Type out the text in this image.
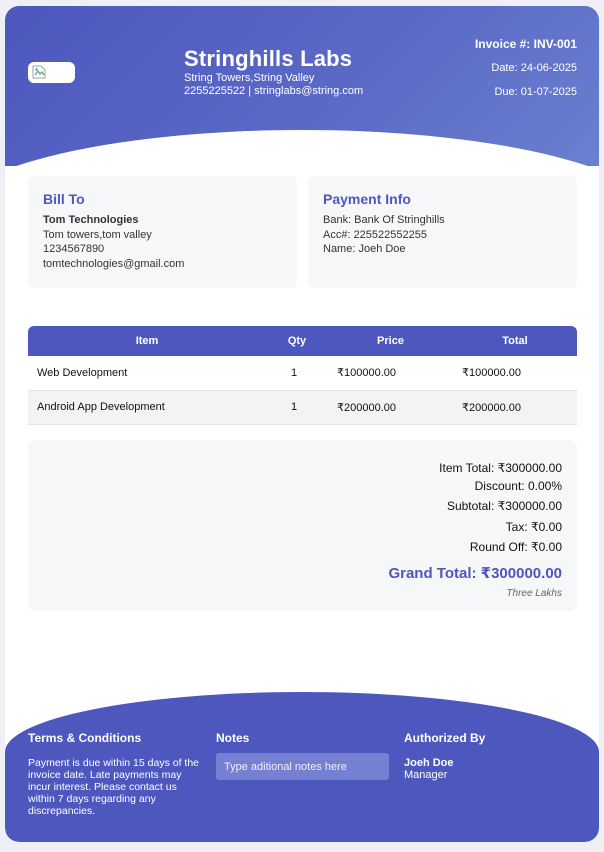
Stringhills Labs
String Towers,String Valley
2255225522 | stringlabs@string.com
Invoice #: INV-001
Date: 24-06-2025
Due: 01-07-2025
Bill To
Tom Technologies
Tom towers,tom valley
1234567890
tomtechnologies@gmail.com
Payment Info
Bank: Bank Of Stringhills
Acc#: 225522552255
Name: Joeh Doe
Item	Qty	Price	Total
Web Development	1	₹100000.00	₹100000.00
Android App Development	1	₹200000.00	₹200000.00
Item Total: ₹300000.00
Discount: 0.00%
Subtotal: ₹300000.00
Tax: ₹0.00
Round Off: ₹0.00
Grand Total: ₹300000.00
Three Lakhs
Terms & Conditions
Payment is due within 15 days of the invoice date. Late payments may incur interest. Please contact us within 7 days regarding any discrepancies.
Notes
Type aditional notes here	Authorized By
Joeh Doe
Manager
